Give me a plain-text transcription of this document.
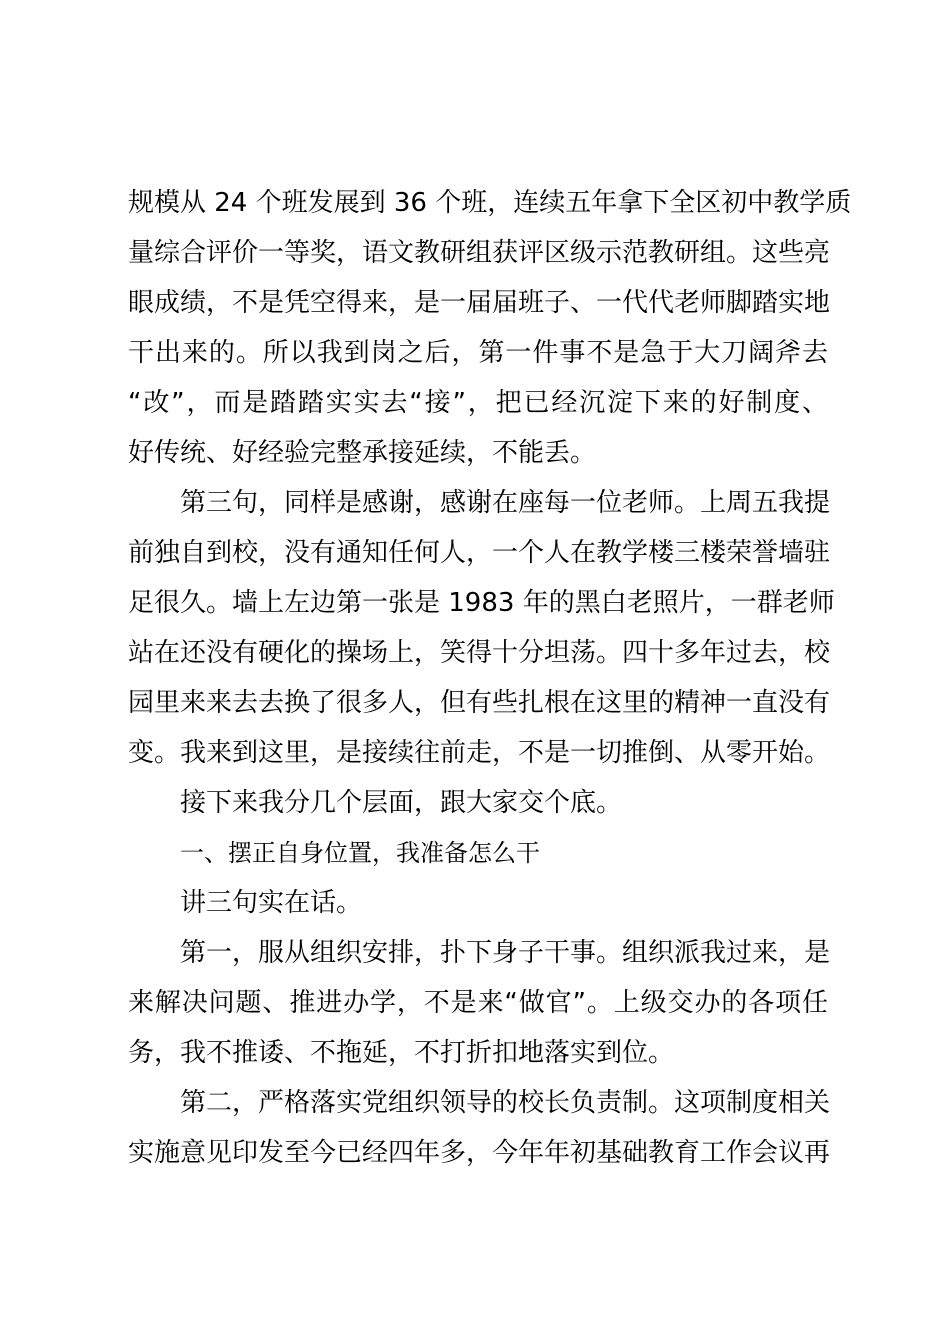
规模从 24 个班发展到 36 个班，连续五年拿下全区初中教学质
量综合评价一等奖，语文教研组获评区级示范教研组。这些亮
眼成绩，不是凭空得来，是一届届班子、一代代老师脚踏实地
干出来的。所以我到岗之后，第一件事不是急于大刀阔斧去
“改”，而是踏踏实实去“接”，把已经沉淀下来的好制度、
好传统、好经验完整承接延续，不能丢。
第三句，同样是感谢，感谢在座每一位老师。上周五我提
前独自到校，没有通知任何人，一个人在教学楼三楼荣誉墙驻
足很久。墙上左边第一张是 1983 年的黑白老照片，一群老师
站在还没有硬化的操场上，笑得十分坦荡。四十多年过去，校
园里来来去去换了很多人，但有些扎根在这里的精神一直没有
变。我来到这里，是接续往前走，不是一切推倒、从零开始。
接下来我分几个层面，跟大家交个底。
一、摆正自身位置，我准备怎么干
讲三句实在话。
第一，服从组织安排，扑下身子干事。组织派我过来，是
来解决问题、推进办学，不是来“做官”。上级交办的各项任
务，我不推诿、不拖延，不打折扣地落实到位。
第二，严格落实党组织领导的校长负责制。这项制度相关
实施意见印发至今已经四年多，今年年初基础教育工作会议再
